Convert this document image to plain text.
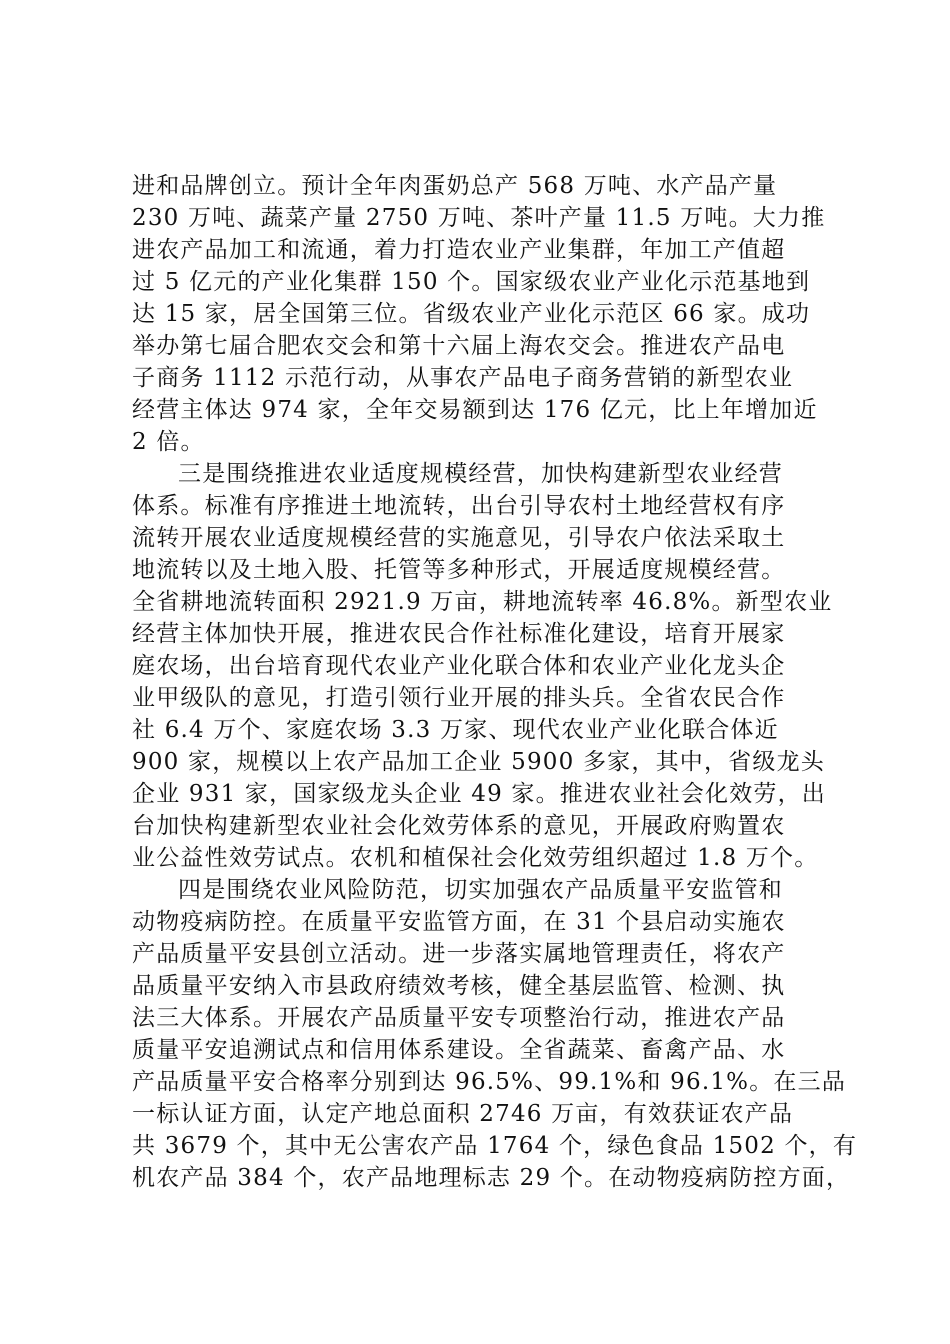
进和品牌创立。预计全年肉蛋奶总产 568 万吨、水产品产量
230 万吨、蔬菜产量 2750 万吨、茶叶产量 11.5 万吨。大力推
进农产品加工和流通，着力打造农业产业集群，年加工产值超
过 5 亿元的产业化集群 150 个。国家级农业产业化示范基地到
达 15 家，居全国第三位。省级农业产业化示范区 66 家。成功
举办第七届合肥农交会和第十六届上海农交会。推进农产品电
子商务 1112 示范行动，从事农产品电子商务营销的新型农业
经营主体达 974 家，全年交易额到达 176 亿元，比上年增加近
2 倍。
三是围绕推进农业适度规模经营，加快构建新型农业经营
体系。标准有序推进土地流转，出台引导农村土地经营权有序
流转开展农业适度规模经营的实施意见，引导农户依法采取土
地流转以及土地入股、托管等多种形式，开展适度规模经营。
全省耕地流转面积 2921.9 万亩，耕地流转率 46.8%。新型农业
经营主体加快开展，推进农民合作社标准化建设，培育开展家
庭农场，出台培育现代农业产业化联合体和农业产业化龙头企
业甲级队的意见，打造引领行业开展的排头兵。全省农民合作
社 6.4 万个、家庭农场 3.3 万家、现代农业产业化联合体近
900 家，规模以上农产品加工企业 5900 多家，其中，省级龙头
企业 931 家，国家级龙头企业 49 家。推进农业社会化效劳，出
台加快构建新型农业社会化效劳体系的意见，开展政府购置农
业公益性效劳试点。农机和植保社会化效劳组织超过 1.8 万个。
四是围绕农业风险防范，切实加强农产品质量平安监管和
动物疫病防控。在质量平安监管方面，在 31 个县启动实施农
产品质量平安县创立活动。进一步落实属地管理责任，将农产
品质量平安纳入市县政府绩效考核，健全基层监管、检测、执
法三大体系。开展农产品质量平安专项整治行动，推进农产品
质量平安追溯试点和信用体系建设。全省蔬菜、畜禽产品、水
产品质量平安合格率分别到达 96.5%、99.1%和 96.1%。在三品
一标认证方面，认定产地总面积 2746 万亩，有效获证农产品
共 3679 个，其中无公害农产品 1764 个，绿色食品 1502 个，有
机农产品 384 个，农产品地理标志 29 个。在动物疫病防控方面，
